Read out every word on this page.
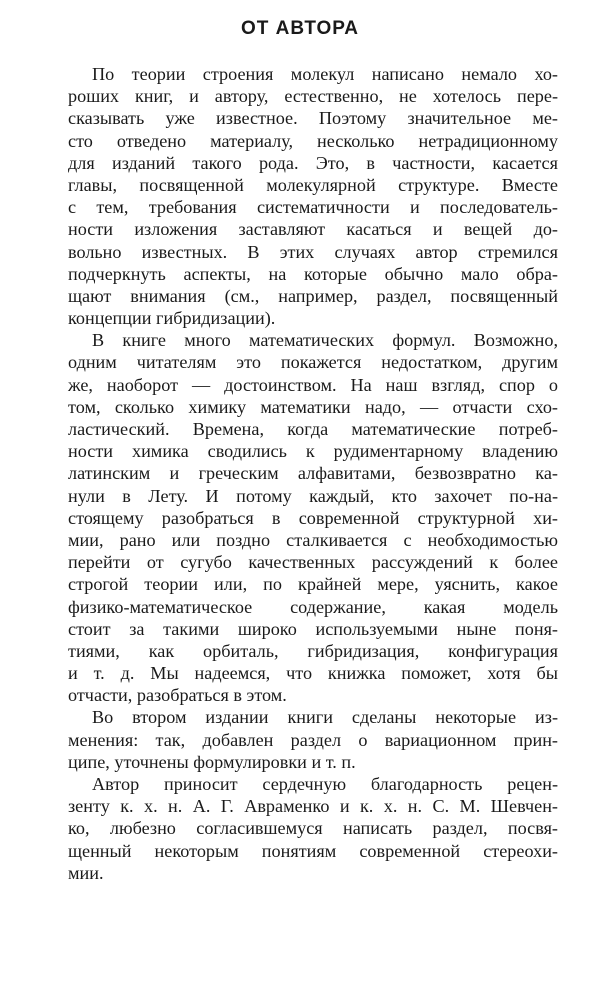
ОТ АВТОРА
По теории строения молекул написано немало хо-
роших книг, и автору, естественно, не хотелось пере-
сказывать уже известное. Поэтому значительное ме-
сто отведено материалу, несколько нетрадиционному
для изданий такого рода. Это, в частности, касается
главы, посвященной молекулярной структуре. Вместе
с тем, требования систематичности и последователь-
ности изложения заставляют касаться и вещей до-
вольно известных. В этих случаях автор стремился
подчеркнуть аспекты, на которые обычно мало обра-
щают внимания (см., например, раздел, посвященный
концепции гибридизации).
В книге много математических формул. Возможно,
одним читателям это покажется недостатком, другим
же, наоборот — достоинством. На наш взгляд, спор о
том, сколько химику математики надо, — отчасти схо-
ластический. Времена, когда математические потреб-
ности химика сводились к рудиментарному владению
латинским и греческим алфавитами, безвозвратно ка-
нули в Лету. И потому каждый, кто захочет по-на-
стоящему разобраться в современной структурной хи-
мии, рано или поздно сталкивается с необходимостью
перейти от сугубо качественных рассуждений к более
строгой теории или, по крайней мере, уяснить, какое
физико-математическое содержание, какая модель
стоит за такими широко используемыми ныне поня-
тиями, как орбиталь, гибридизация, конфигурация
и т. д. Мы надеемся, что книжка поможет, хотя бы
отчасти, разобраться в этом.
Во втором издании книги сделаны некоторые из-
менения: так, добавлен раздел о вариационном прин-
ципе, уточнены формулировки и т. п.
Автор приносит сердечную благодарность рецен-
зенту к. х. н. А. Г. Авраменко и к. х. н. С. М. Шевчен-
ко, любезно согласившемуся написать раздел, посвя-
щенный некоторым понятиям современной стереохи-
мии.
